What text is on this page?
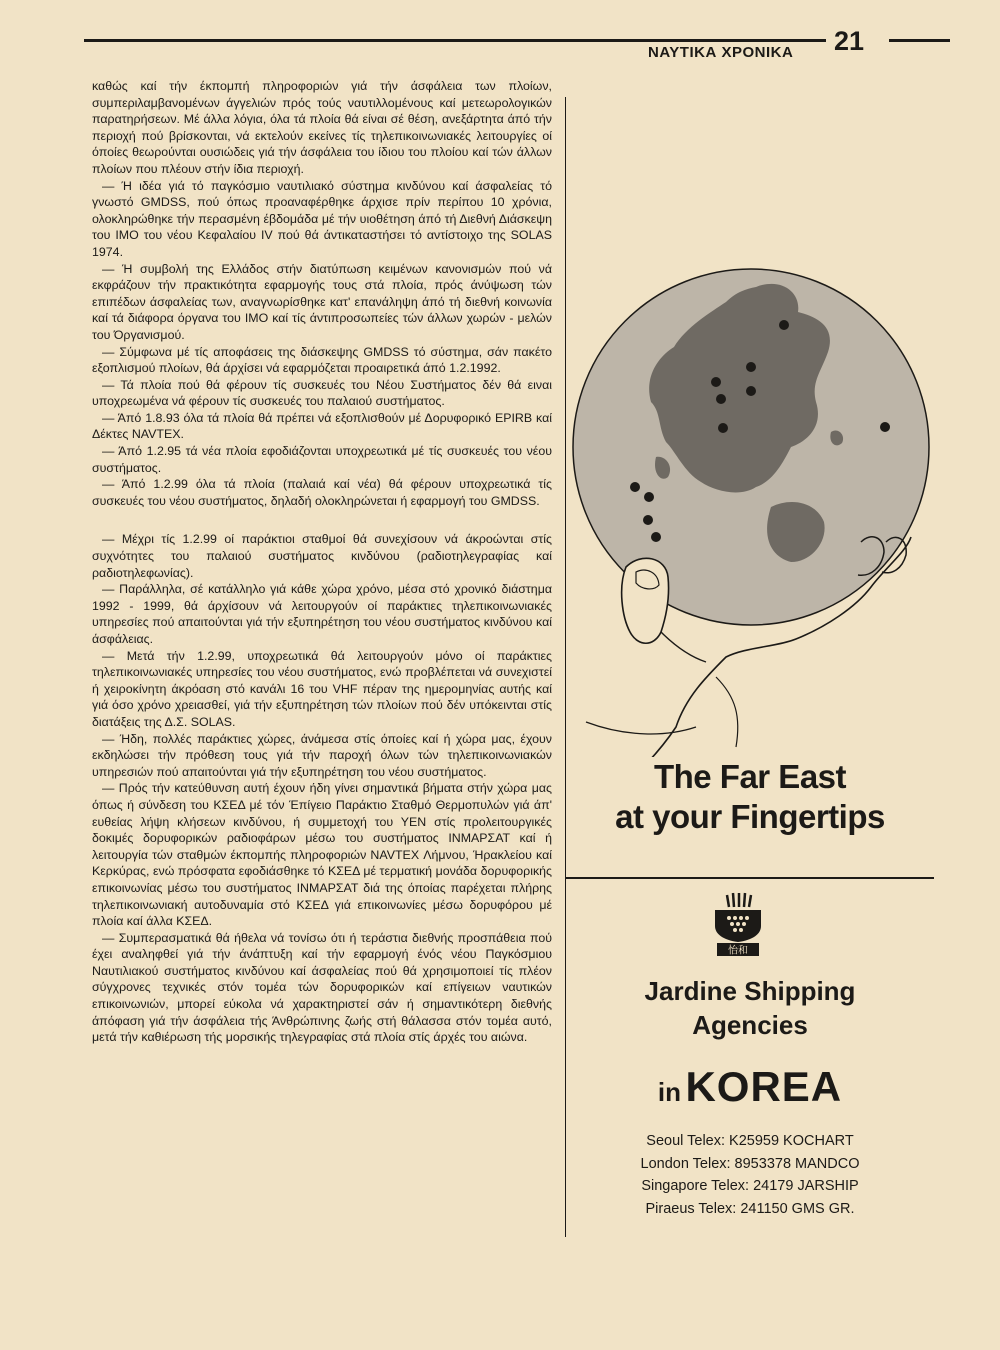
ΝΑΥΤΙΚΑ ΧΡΟΝΙΚΑ 21

καθώς καί τήν έκπομπή πληροφοριών γιά τήν άσφάλεια των πλοίων, συμπεριλαμβανομένων άγγελιών πρός τούς ναυτιλλομένους καί μετεωρολογικών παρατηρήσεων. Μέ άλλα λόγια, όλα τά πλοία θά είναι σέ θέση, ανεξάρτητα άπό τήν περιοχή πού βρίσκονται, νά εκτελούν εκείνες τίς τηλεπικοινωνιακές λειτουργίες οί όποίες θεωρούνται ουσιώδεις γιά τήν άσφάλεια του ίδιου του πλοίου καί τών άλλων πλοίων που πλέουν στήν ίδια περιοχή.

— Ή ιδέα γιά τό παγκόσμιο ναυτιλιακό σύστημα κινδύνου καί άσφαλείας τό γνωστό GMDSS, πού όπως προαναφέρθηκε άρχισε πρίν περίπου 10 χρόνια, ολοκληρώθηκε τήν περασμένη έβδομάδα μέ τήν υιοθέτηση άπό τή Διεθνή Διάσκεψη του ΙΜΟ του νέου Κεφαλαίου IV πού θά άντικαταστήσει τό αντίστοιχο της SOLAS 1974.

— Ή συμβολή της Ελλάδος στήν διατύπωση κειμένων κανονισμών πού νά εκφράζουν τήν πρακτικότητα εφαρμογής τους στά πλοία, πρός άνύψωση τών επιπέδων άσφαλείας των, αναγνωρίσθηκε κατ' επανάληψη άπό τή διεθνή κοινωνία καί τά διάφορα όργανα του ΙΜΟ καί τίς άντιπροσωπείες τών άλλων χωρών - μελών του Όργανισμού.

— Σύμφωνα μέ τίς αποφάσεις της διάσκεψης GMDSS τό σύστημα, σάν πακέτο εξοπλισμού πλοίων, θά άρχίσει νά εφαρμόζεται προαιρετικά άπό 1.2.1992.

— Τά πλοία πού θά φέρουν τίς συσκευές του Νέου Συστήματος δέν θά ειναι υποχρεωμένα νά φέρουν τίς συσκευές του παλαιού συστήματος.

— Άπό 1.8.93 όλα τά πλοία θά πρέπει νά εξοπλισθούν μέ Δορυφορικό EPIRB καί Δέκτες NAVTEX.

— Άπό 1.2.95 τά νέα πλοία εφοδιάζονται υποχρεωτικά μέ τίς συσκευές του νέου συστήματος.

— Άπό 1.2.99 όλα τά πλοία (παλαιά καί νέα) θά φέρουν υποχρεωτικά τίς συσκευές του νέου συστήματος, δηλαδή ολοκληρώνεται ή εφαρμογή του GMDSS.

— Μέχρι τίς 1.2.99 οί παράκτιοι σταθμοί θά συνεχίσουν νά άκρoώνται στίς συχνότητες του παλαιού συστήματος κινδύνου (ραδιοτηλεγραφίας καί ραδιοτηλεφωνίας).

— Παράλληλα, σέ κατάλληλο γιά κάθε χώρα χρόνο, μέσα στό χρονικό διάστημα 1992 - 1999, θά άρχίσουν νά λειτουργούν οί παράκτιες τηλεπικοινωνιακές υπηρεσίες πού απαιτούνται γιά τήν εξυπηρέτηση του νέου συστήματος κινδύνου καί άσφάλειας.

— Μετά τήν 1.2.99, υποχρεωτικά θά λειτουργούν μόνο οί παράκτιες τηλεπικοινωνιακές υπηρεσίες του νέου συστήματος, ενώ προβλέπεται νά συνεχιστεί ή χειροκίνητη άκρόαση στό κανάλι 16 του VHF πέραν της ημερομηνίας αυτής καί γιά όσο χρόνο χρειασθεί, γιά τήν εξυπηρέτηση τών πλοίων πού δέν υπόκεινται στίς διατάξεις της Δ.Σ. SOLAS.

— Ήδη, πολλές παράκτιες χώρες, άνάμεσα στίς όποίες καί ή χώρα μας, έχουν εκδηλώσει τήν πρόθεση τους γιά τήν παροχή όλων τών τηλεπικοινωνιακών υπηρεσιών πού απαιτούνται γιά τήν εξυπηρέτηση του νέου συστήματος.

— Πρός τήν κατεύθυνση αυτή έχουν ήδη γίνει σημαντικά βήματα στήν χώρα μας όπως ή σύνδεση του ΚΣΕΔ μέ τόν Έπίγειο Παράκτιο Σταθμό Θερμοπυλών γιά άπ' ευθείας λήψη κλήσεων κινδύνου, ή συμμετοχή του ΥΕΝ στίς προλειτουργικές δοκιμές δορυφορικών ραδιοφάρων μέσω του συστήματος ΙΝΜΑΡΣΑΤ καί ή λειτουργία τών σταθμών έκπομπής πληροφοριών NAVTEX Λήμνου, Ήρακλείου καί Κερκύρας, ενώ πρόσφατα εφοδιάσθηκε τό ΚΣΕΔ μέ τερματική μονάδα δορυφορικής επικοινωνίας μέσω του συστήματος ΙΝΜΑΡΣΑΤ διά της όποίας παρέχεται πλήρης τηλεπικοινωνιακή αυτοδυναμία στό ΚΣΕΔ γιά επικοινωνίες μέσω δορυφόρου μέ πλοία καί άλλα ΚΣΕΔ.

— Συμπερασματικά θά ήθελα νά τονίσω ότι ή τεράστια διεθνής προσπάθεια πού έχει αναληφθεί γιά τήν άνάπτυξη καί τήν εφαρμογή ένός νέου Παγκόσμιου Ναυτιλιακού συστήματος κινδύνου καί άσφαλείας πού θά χρησιμοποιεί τίς πλέον σύγχρονες τεχνικές στόν τομέα τών δορυφορικών καί επίγειων ναυτικών επικοινωνιών, μπορεί εύκολα νά χαρακτηριστεί σάν ή σημαντικότερη διεθνής άπόφαση γιά τήν άσφάλεια τής Άνθρώπινης ζωής στή θάλασσα στόν τομέα αυτό, μετά τήν καθιέρωση τής μορσικής τηλεγραφίας στά πλοία στίς άρχές του αιώνα.

The Far East
at your Fingertips
怡和
Jardine Shipping
Agencies
in KOREA
Seoul Telex: K25959 KOCHART
London Telex: 8953378 MANDCO
Singapore Telex: 24179 JARSHIP
Piraeus Telex: 241150 GMS GR.
